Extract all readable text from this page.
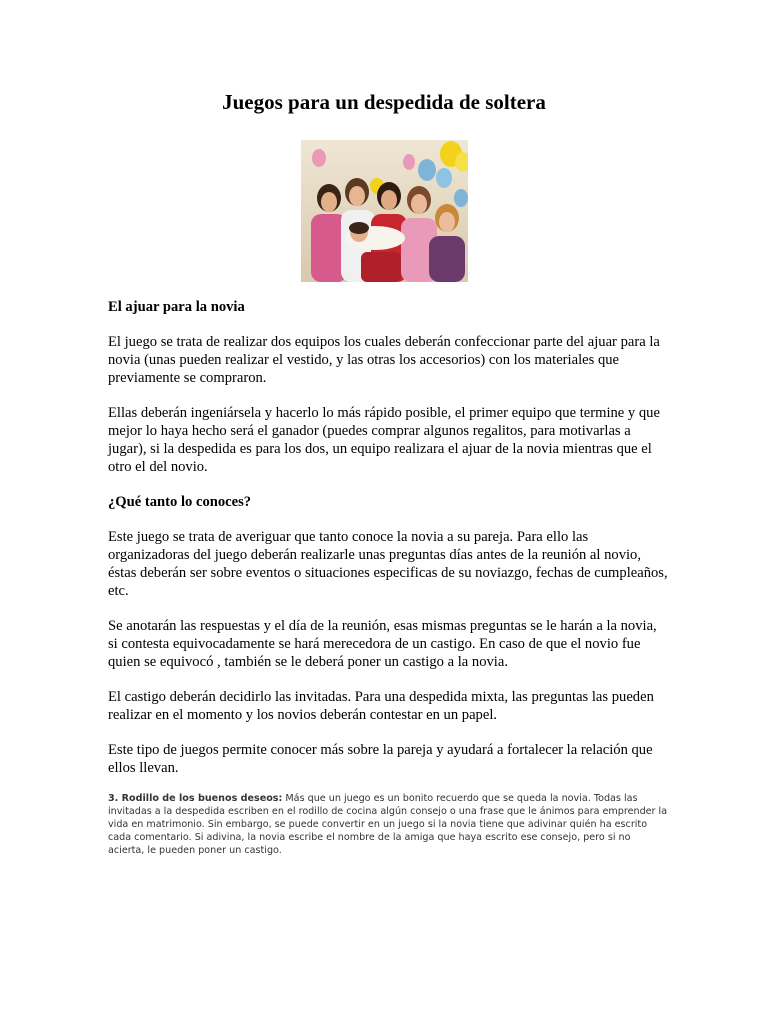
Juegos para un despedida de soltera
El ajuar para la novia

El juego se trata de realizar dos equipos los cuales deberán confeccionar parte del ajuar para la novia (unas pueden realizar el vestido, y las otras los accesorios) con los materiales que previamente se compraron.

Ellas deberán ingeniársela y hacerlo lo más rápido posible, el primer equipo que termine y que mejor lo haya hecho será el ganador (puedes comprar algunos regalitos, para motivarlas a jugar), si la despedida es para los dos, un equipo realizara el ajuar de la novia mientras que el otro el del novio.

¿Qué tanto lo conoces?

Este juego se trata de averiguar que tanto conoce la novia a su pareja. Para ello las organizadoras del juego deberán realizarle unas preguntas días antes de la reunión al novio, éstas deberán ser sobre eventos o situaciones especificas de su noviazgo, fechas de cumpleaños, etc.

Se anotarán las respuestas y el día de la reunión, esas mismas preguntas se le harán a la novia, si contesta equivocadamente se hará merecedora de un castigo. En caso de que el novio fue quien se equivocó , también se le deberá poner un castigo a la novia.

El castigo deberán decidirlo las invitadas. Para una despedida mixta, las preguntas las pueden realizar en el momento y los novios deberán contestar en un papel.

Este tipo de juegos permite conocer más sobre la pareja y ayudará a fortalecer la relación que ellos llevan.

3. Rodillo de los buenos deseos: Más que un juego es un bonito recuerdo que se queda la novia. Todas las invitadas a la despedida escriben en el rodillo de cocina algún consejo o una frase que le ánimos para emprender la vida en matrimonio. Sin embargo, se puede convertir en un juego si la novia tiene que adivinar quién ha escrito cada comentario. Si adivina, la novia escribe el nombre de la amiga que haya escrito ese consejo, pero si no acierta, le pueden poner un castigo.
